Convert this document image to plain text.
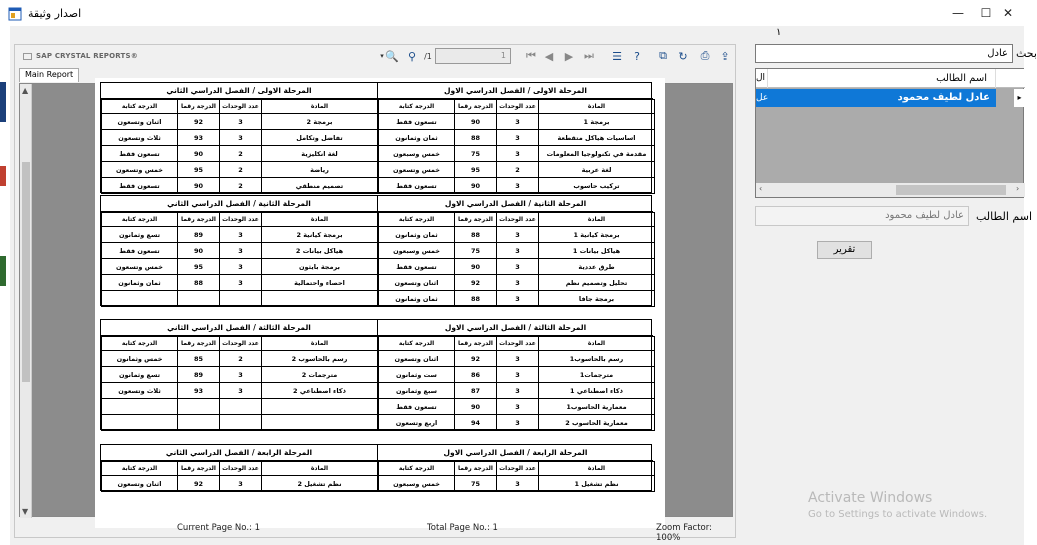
اصدار وثيقة	—	☐ ✕
SAP CRYSTAL REPORTS®	▾ 🔍 ⚲	/1	1	⏮ ◀	▶ ⏭ ☰	?	⧉	↻	⎙ ⇪
Main Report
▲
▼
المرحلة الاولى / الفصل الدراسي الاول
الدرجة كتابة	الدرجة رقما	عدد الوحدات	المادة
تسعون فقط	90	3	برمجة 1
ثمان وثمانون	88	3	اساسيات هياكل متقطعة
خمس وسبعون	75	3	مقدمة في تكنولوجيا المعلومات
خمس وتسعون	95	2	لغة عربية
تسعون فقط	90	3	تركيب حاسوب
المرحلة الاولى / الفصل الدراسي الثاني
الدرجة كتابة	الدرجة رقما	عدد الوحدات	المادة
اثنان وتسعون	92	3	برمجة 2
ثلاث وتسعون	93	3	تفاضل وتكامل
تسعون فقط	90	2	لغة انكليزية
خمس وتسعون	95	2	رياضة
تسعون فقط	90	2	تصميم منطقي
المرحلة الثانية / الفصل الدراسي الاول
الدرجة كتابة	الدرجة رقما	عدد الوحدات	المادة
ثمان وثمانون	88	3	برمجة كيانية 1
خمس وسبعون	75	3	هياكل بيانات 1
تسعون فقط	90	3	طرق عددية
اثنان وتسعون	92	3	تحليل وتصميم نظم
ثمان وثمانون	88	3	برمجة جافا
المرحلة الثانية / الفصل الدراسي الثاني
الدرجة كتابة	الدرجة رقما	عدد الوحدات	المادة
تسع وثمانون	89	3	برمجة كيانية 2
تسعون فقط	90	3	هياكل بيانات 2
خمس وتسعون	95	3	برمجة بايثون
ثمان وثمانون	88	3	احصاء واحتمالية

المرحلة الثالثة / الفصل الدراسي الاول
الدرجة كتابة	الدرجة رقما	عدد الوحدات	المادة
اثنان وتسعون	92	3	رسم بالحاسوب1
ست وثمانون	86	3	مترجمات1
سبع وثمانون	87	3	ذكاء اصطناعي 1
تسعون فقط	90	3	معمارية الحاسوب1
اربع وتسعون	94	3	معمارية الحاسوب 2
المرحلة الثالثة / الفصل الدراسي الثاني
الدرجة كتابة	الدرجة رقما	عدد الوحدات	المادة
خمس وثمانون	85	2	رسم بالحاسوب 2
تسع وثمانون	89	3	مترجمات 2
ثلاث وتسعون	93	3	ذكاء اصطناعي 2

المرحلة الرابعة / الفصل الدراسي الاول
الدرجة كتابة	الدرجة رقما	عدد الوحدات	المادة
خمس وسبعون	75	3	نظم تشغيل 1
المرحلة الرابعة / الفصل الدراسي الثاني
الدرجة كتابة	الدرجة رقما	عدد الوحدات	المادة
اثنان وتسعون	92	3	نظم تشغيل 2
Current Page No.: 1	Total Page No.: 1	Zoom Factor: 100%
١
بحث
عادل
ال	اسم الطالب
عل	عادل لطيف محمود	▸
‹	›
اسم الطالب
عادل لطيف محمود
تقرير
Activate Windows
Go to Settings to activate Windows.
